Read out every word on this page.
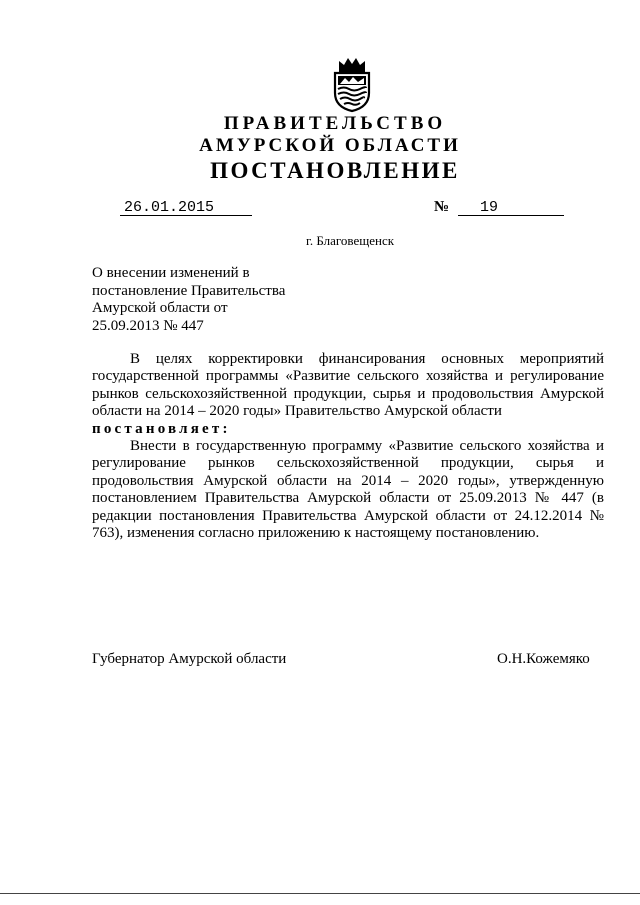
ПРАВИТЕЛЬСТВО
АМУРСКОЙ ОБЛАСТИ
ПОСТАНОВЛЕНИЕ
26.01.2015	№	19
г. Благовещенск
О внесении изменений в
постановление Правительства
Амурской области от
25.09.2013 № 447

В целях корректировки финансирования основных мероприятий государственной программы «Развитие сельского хозяйства и регулирование рынков сельскохозяйственной продукции, сырья и продовольствия Амурской области на 2014 – 2020 годы» Правительство Амурской области

постановляет:

Внести в государственную программу «Развитие сельского хозяйства и регулирование рынков сельскохозяйственной продукции, сырья и продовольствия Амурской области на 2014 – 2020 годы», утвержденную постановлением Правительства Амурской области от 25.09.2013 № 447 (в редакции постановления Правительства Амурской области от 24.12.2014 № 763), изменения согласно приложению к настоящему постановлению.

Губернатор Амурской области	О.Н.Кожемяко
